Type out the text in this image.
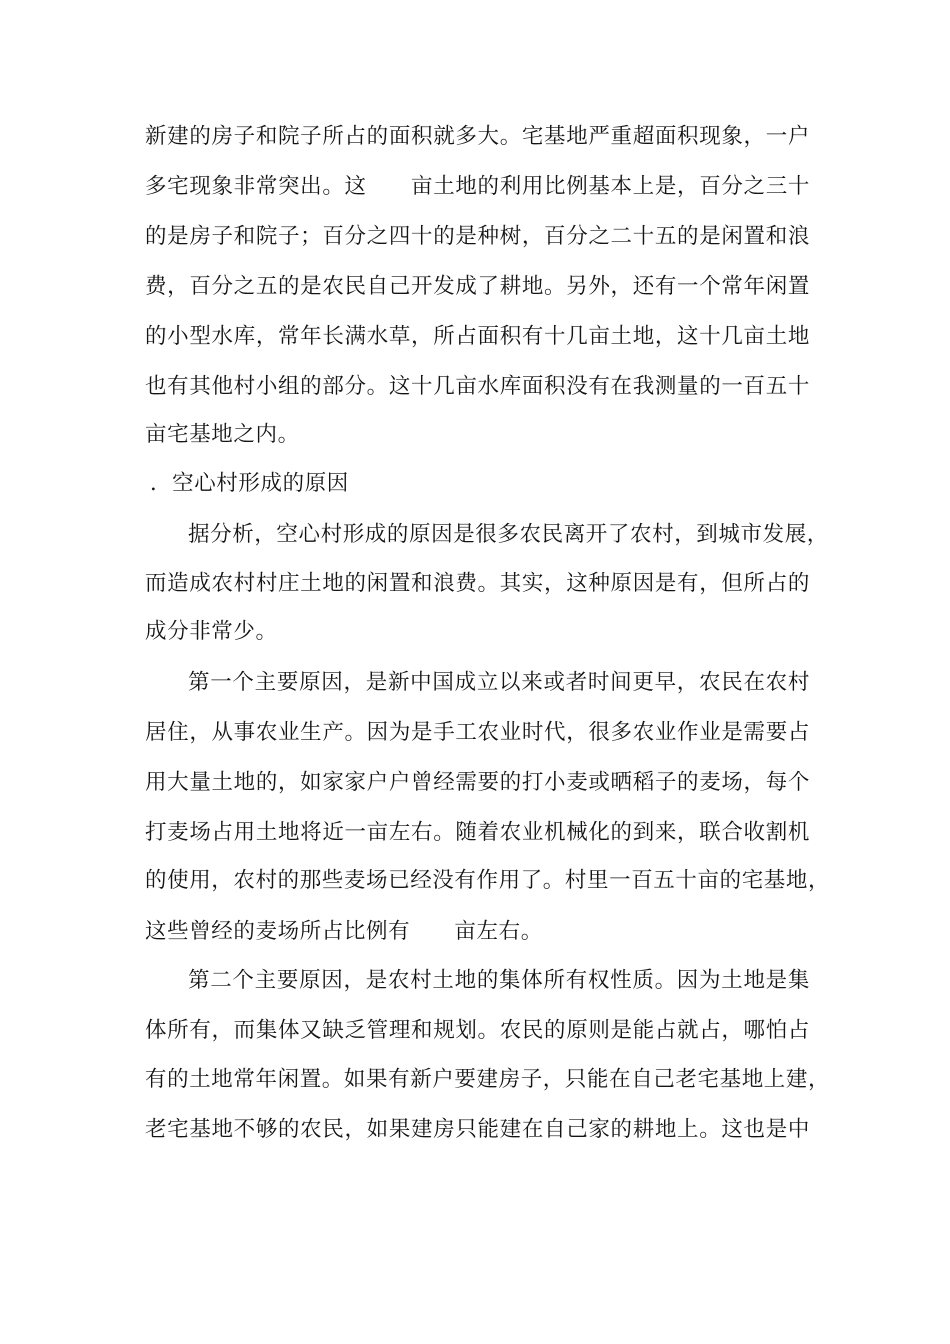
新建的房子和院子所占的面积就多大。宅基地严重超面积现象，一户
多宅现象非常突出。这　　亩土地的利用比例基本上是，百分之三十
的是房子和院子；百分之四十的是种树，百分之二十五的是闲置和浪
费，百分之五的是农民自己开发成了耕地。另外，还有一个常年闲置
的小型水库，常年长满水草，所占面积有十几亩土地，这十几亩土地
也有其他村小组的部分。这十几亩水库面积没有在我测量的一百五十
亩宅基地之内。
．空心村形成的原因
据分析，空心村形成的原因是很多农民离开了农村，到城市发展，
而造成农村村庄土地的闲置和浪费。其实，这种原因是有，但所占的
成分非常少。
第一个主要原因，是新中国成立以来或者时间更早，农民在农村
居住，从事农业生产。因为是手工农业时代，很多农业作业是需要占
用大量土地的，如家家户户曾经需要的打小麦或晒稻子的麦场，每个
打麦场占用土地将近一亩左右。随着农业机械化的到来，联合收割机
的使用，农村的那些麦场已经没有作用了。村里一百五十亩的宅基地，
这些曾经的麦场所占比例有　　亩左右。
第二个主要原因，是农村土地的集体所有权性质。因为土地是集
体所有，而集体又缺乏管理和规划。农民的原则是能占就占，哪怕占
有的土地常年闲置。如果有新户要建房子，只能在自己老宅基地上建，
老宅基地不够的农民，如果建房只能建在自己家的耕地上。这也是中
